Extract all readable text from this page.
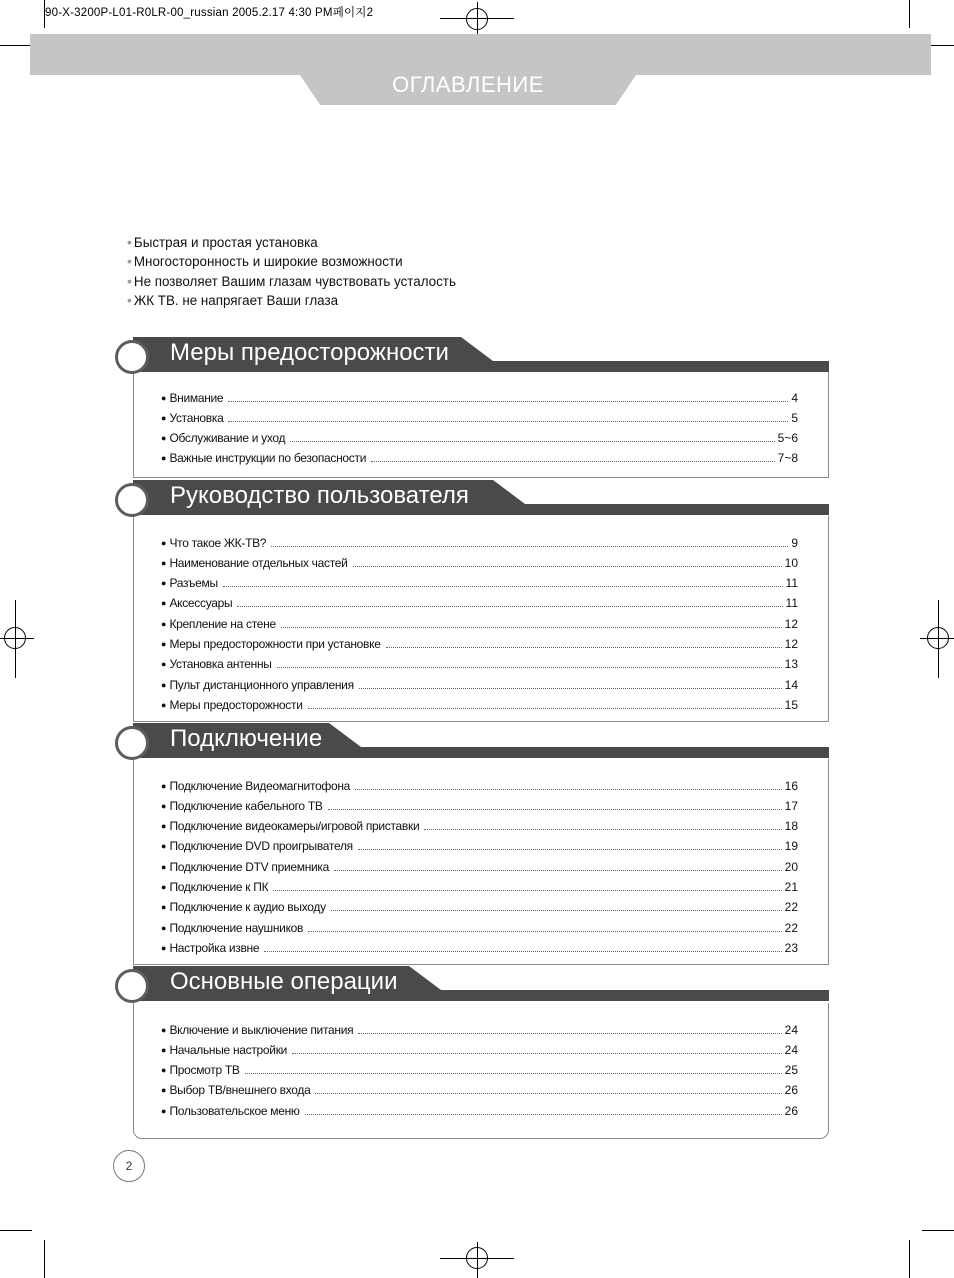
90-X-3200P-L01-R0LR-00_russian 2005.2.17 4:30 PM페이지2
ОГЛАВЛЕНИЕ
• Быстрая и простая установка
• Многосторонность и широкие возможности
• Не позволяет Вашим глазам чувствовать усталость
• ЖК ТВ. не напрягает Ваши глаза
Меры предосторожности
● Внимание	4
● Установка	5
● Обслуживание и уход	5~6
● Важные инструкции по безопасности	7~8
Руководство пользователя
● Что такое ЖК-ТВ?	9
● Наименование отдельных частей	10
● Разъемы	11
● Аксессуары	11
● Крепление на стене	12
● Меры предосторожности при установке	12
● Установка антенны	13
● Пульт дистанционного управления	14
● Меры предосторожности	15
Подключение
● Подключение Видеомагнитофона	16
● Подключение кабельного ТВ	17
● Подключение видеокамеры/игровой приставки	18
● Подключение DVD проигрывателя	19
● Подключение DTV приемника	20
● Подключение к ПК	21
● Подключение к аудио выходу	22
● Подключение наушников	22
● Настройка извне	23
Основные операции
● Включение и выключение питания	24
● Начальные настройки	24
● Просмотр ТВ	25
● Выбор ТВ/внешнего входа	26
● Пользовательское меню	26
2
